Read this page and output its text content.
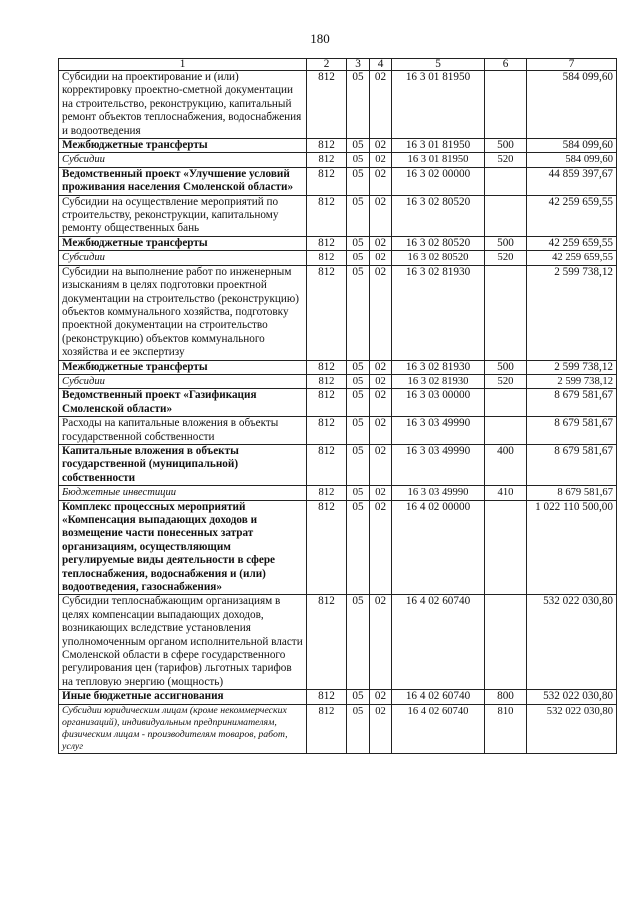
180
1	2	3	4	5	6	7
Субсидии на проектирование и (или) корректировку проектно-сметной документации на строительство, реконструкцию, капитальный ремонт объектов теплоснабжения, водоснабжения и водоотведения	812	05	02	16 3 01 81950		584 099,60
Межбюджетные трансферты	812	05	02	16 3 01 81950	500	584 099,60
Субсидии	812	05	02	16 3 01 81950	520	584 099,60
Ведомственный проект «Улучшение условий проживания населения Смоленской области»	812	05	02	16 3 02 00000		44 859 397,67
Субсидии на осуществление мероприятий по строительству, реконструкции, капитальному ремонту общественных бань	812	05	02	16 3 02 80520		42 259 659,55
Межбюджетные трансферты	812	05	02	16 3 02 80520	500	42 259 659,55
Субсидии	812	05	02	16 3 02 80520	520	42 259 659,55
Субсидии на выполнение работ по инженерным изысканиям в целях подготовки проектной документации на строительство (реконструкцию) объектов коммунального хозяйства, подготовку проектной документации на строительство (реконструкцию) объектов коммунального хозяйства и ее экспертизу	812	05	02	16 3 02 81930		2 599 738,12
Межбюджетные трансферты	812	05	02	16 3 02 81930	500	2 599 738,12
Субсидии	812	05	02	16 3 02 81930	520	2 599 738,12
Ведомственный проект «Газификация Смоленской области»	812	05	02	16 3 03 00000		8 679 581,67
Расходы на капитальные вложения в объекты государственной собственности	812	05	02	16 3 03 49990		8 679 581,67
Капитальные вложения в объекты государственной (муниципальной) собственности	812	05	02	16 3 03 49990	400	8 679 581,67
Бюджетные инвестиции	812	05	02	16 3 03 49990	410	8 679 581,67
Комплекс процессных мероприятий «Компенсация выпадающих доходов и возмещение части понесенных затрат организациям, осуществляющим регулируемые виды деятельности в сфере теплоснабжения, водоснабжения и (или) водоотведения, газоснабжения»	812	05	02	16 4 02 00000		1 022 110 500,00
Субсидии теплоснабжающим организациям в целях компенсации выпадающих доходов, возникающих вследствие установления уполномоченным органом исполнительной власти Смоленской области в сфере государственного регулирования цен (тарифов) льготных тарифов на тепловую энергию (мощность)	812	05	02	16 4 02 60740		532 022 030,80
Иные бюджетные ассигнования	812	05	02	16 4 02 60740	800	532 022 030,80
Субсидии юридическим лицам (кроме некоммерческих организаций), индивидуальным предпринимателям, физическим лицам - производителям товаров, работ, услуг	812	05	02	16 4 02 60740	810	532 022 030,80
